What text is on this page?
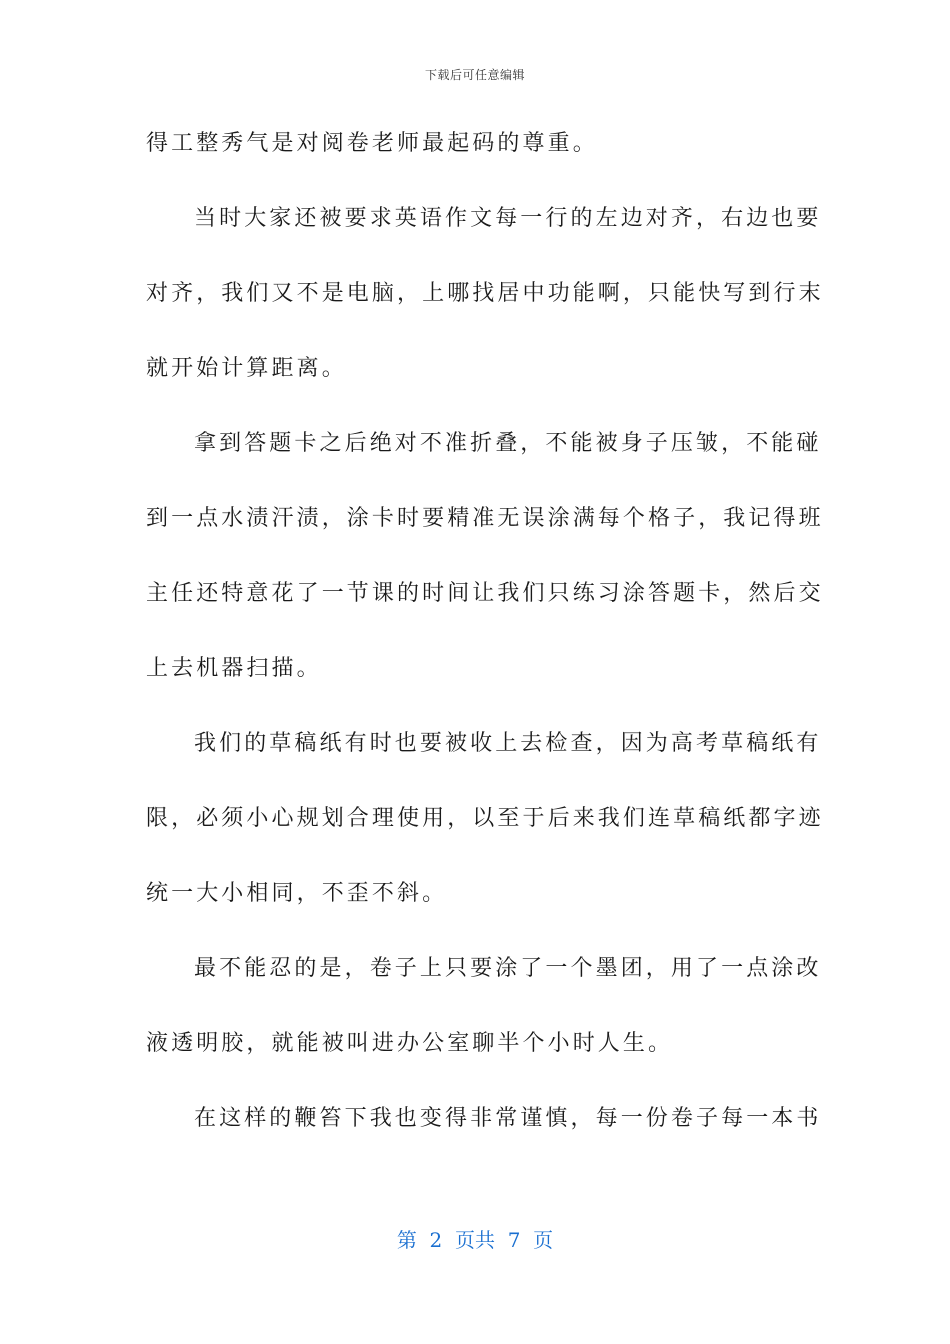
下载后可任意编辑
得工整秀气是对阅卷老师最起码的尊重。
当时大家还被要求英语作文每一行的左边对齐，右边也要
对齐，我们又不是电脑，上哪找居中功能啊，只能快写到行末
就开始计算距离。
拿到答题卡之后绝对不准折叠，不能被身子压皱，不能碰
到一点水渍汗渍，涂卡时要精准无误涂满每个格子，我记得班
主任还特意花了一节课的时间让我们只练习涂答题卡，然后交
上去机器扫描。
我们的草稿纸有时也要被收上去检查，因为高考草稿纸有
限，必须小心规划合理使用，以至于后来我们连草稿纸都字迹
统一大小相同，不歪不斜。
最不能忍的是，卷子上只要涂了一个墨团，用了一点涂改
液透明胶，就能被叫进办公室聊半个小时人生。
在这样的鞭笞下我也变得非常谨慎，每一份卷子每一本书
第  2  页共  7  页
